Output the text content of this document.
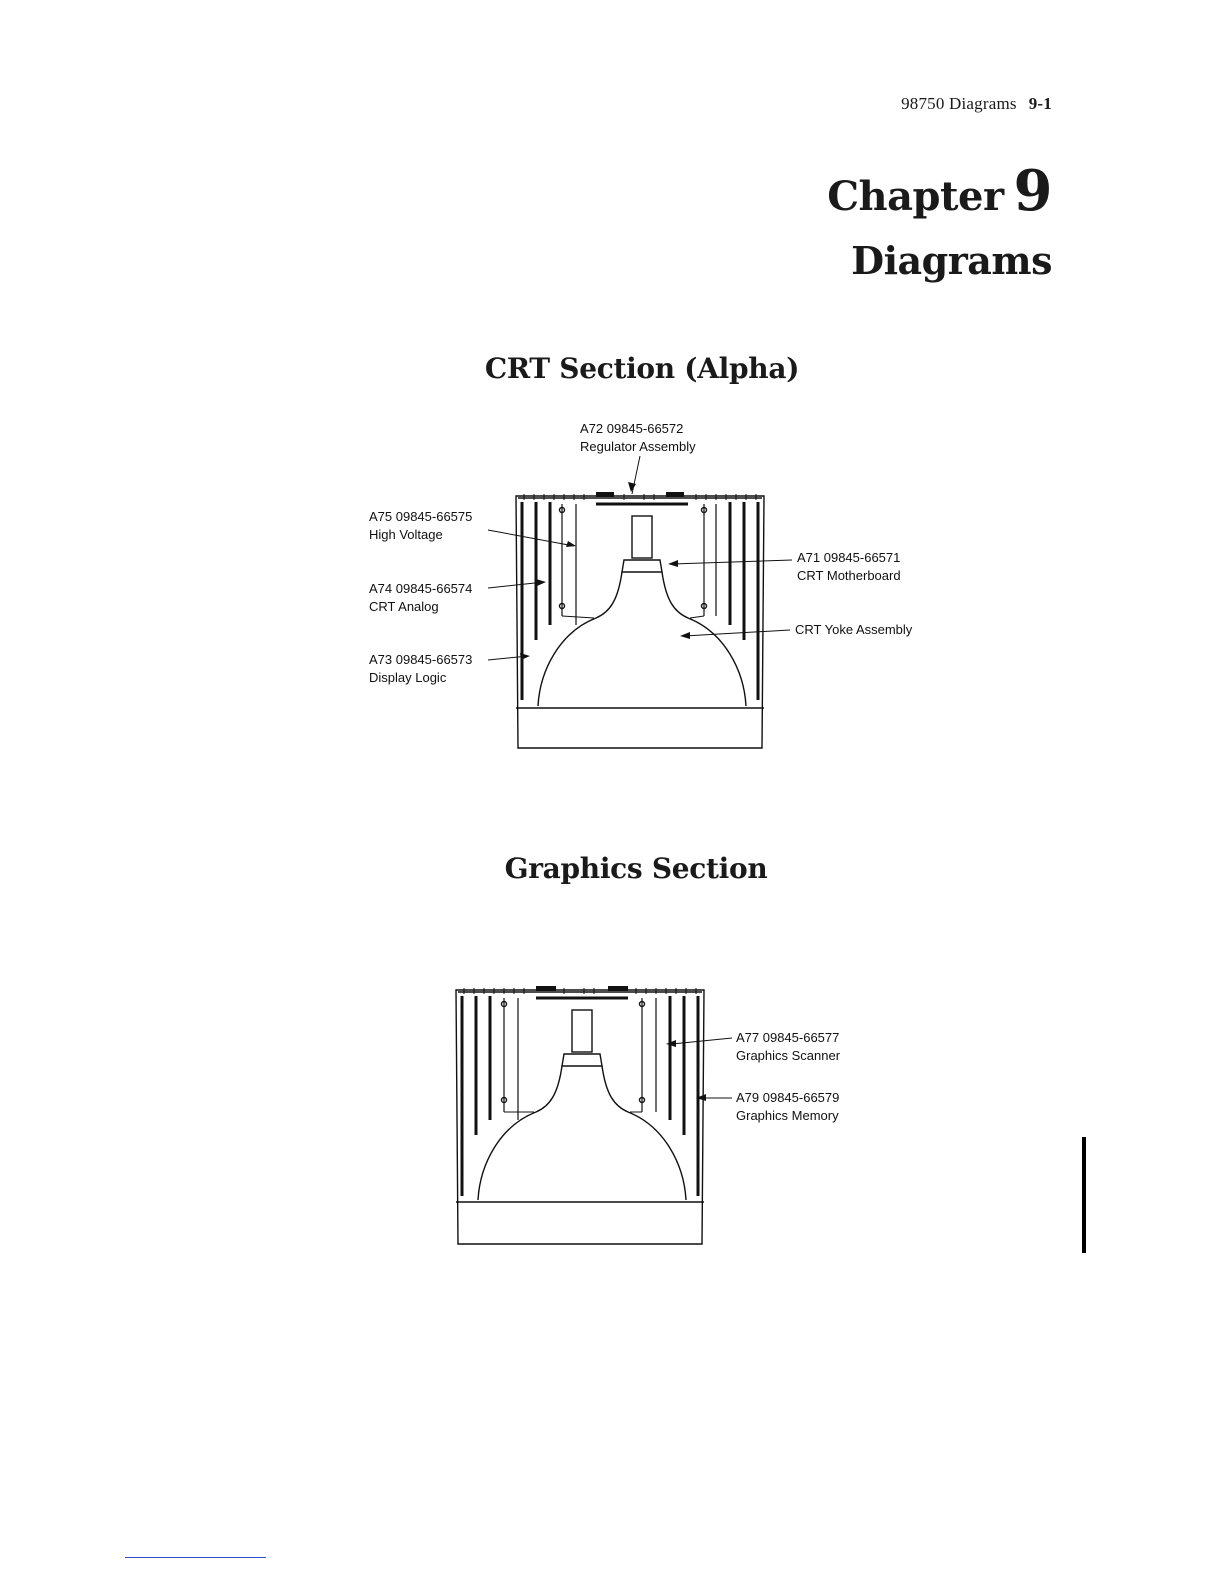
98750 Diagrams 9-1
Chapter 9
Diagrams
CRT Section (Alpha)
Graphics Section
A72 09845-66572
Regulator Assembly
A75 09845-66575
High Voltage
A74 09845-66574
CRT Analog
A73 09845-66573
Display Logic
A71 09845-66571
CRT Motherboard
CRT Yoke Assembly
A77 09845-66577
Graphics Scanner
A79 09845-66579
Graphics Memory
